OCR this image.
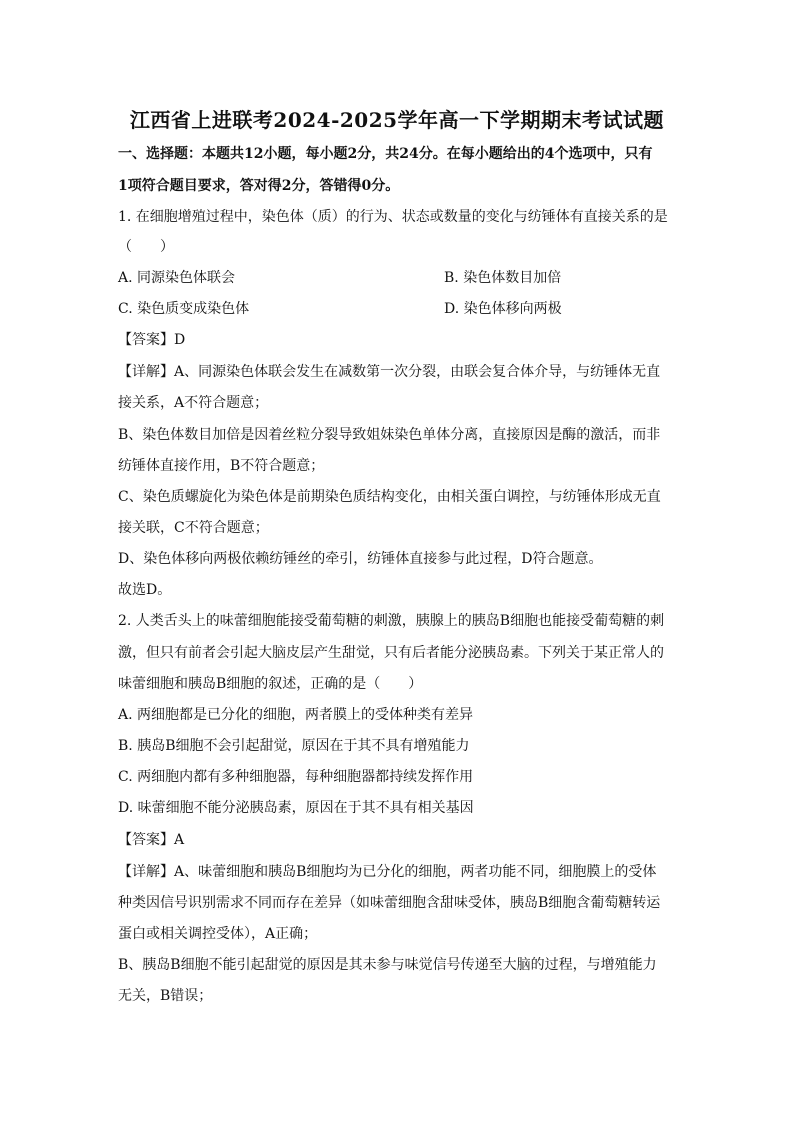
江西省上进联考2024-2025学年高一下学期期末考试试题
一、选择题：本题共12小题，每小题2分，共24分。在每小题给出的4个选项中，只有
1项符合题目要求，答对得2分，答错得0分。
1. 在细胞增殖过程中，染色体（质）的行为、状态或数量的变化与纺锤体有直接关系的是
（　　）
A. 同源染色体联会	B. 染色体数目加倍
C. 染色质变成染色体	D. 染色体移向两极
【答案】D
【详解】A、同源染色体联会发生在减数第一次分裂，由联会复合体介导，与纺锤体无直
接关系，A不符合题意；
B、染色体数目加倍是因着丝粒分裂导致姐妹染色单体分离，直接原因是酶的激活，而非
纺锤体直接作用，B不符合题意；
C、染色质螺旋化为染色体是前期染色质结构变化，由相关蛋白调控，与纺锤体形成无直
接关联，C不符合题意；
D、染色体移向两极依赖纺锤丝的牵引，纺锤体直接参与此过程，D符合题意。
故选D。
2. 人类舌头上的味蕾细胞能接受葡萄糖的刺激，胰腺上的胰岛B细胞也能接受葡萄糖的刺
激，但只有前者会引起大脑皮层产生甜觉，只有后者能分泌胰岛素。下列关于某正常人的
味蕾细胞和胰岛B细胞的叙述，正确的是（　　）
A. 两细胞都是已分化的细胞，两者膜上的受体种类有差异
B. 胰岛B细胞不会引起甜觉，原因在于其不具有增殖能力
C. 两细胞内都有多种细胞器，每种细胞器都持续发挥作用
D. 味蕾细胞不能分泌胰岛素，原因在于其不具有相关基因
【答案】A
【详解】A、味蕾细胞和胰岛B细胞均为已分化的细胞，两者功能不同，细胞膜上的受体
种类因信号识别需求不同而存在差异（如味蕾细胞含甜味受体，胰岛B细胞含葡萄糖转运
蛋白或相关调控受体），A正确；
B、胰岛B细胞不能引起甜觉的原因是其未参与味觉信号传递至大脑的过程，与增殖能力
无关，B错误；
